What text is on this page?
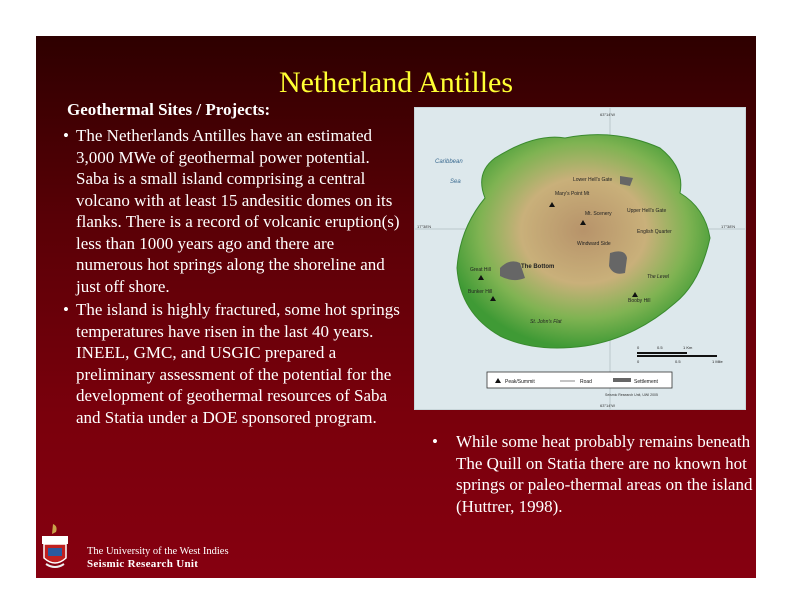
Netherland Antilles
Geothermal Sites / Projects:
• The Netherlands Antilles have an estimated 3,000 MWe of geothermal power potential. Saba is a small island comprising a central volcano with at least 15 andesitic domes on its flanks. There is a record of volcanic eruption(s) less than 1000 years ago and there are numerous hot springs along the shoreline and just off shore.
• The island is highly fractured, some hot springs temperatures have risen in the last 40 years. INEEL, GMC, and USGIC prepared a preliminary assessment of the potential for the development of geothermal resources of Saba and Statia under a DOE sponsored program.
Caribbean
Sea
63°14'W
17°38'N	17°38'N
63°14'W
Lower Hell's Gate
Mary's Point Mt
Mt. Scenery	Upper Hell's Gate
English Quarter
Windward Side
The Bottom
Great Hill
Bunker Hill
The Level
Booby Hill
St. John's Flat
0	0.5	1 Km
0	0.5	1 Mile
Peak/Summit	Road	Settlement
Seismic Research Unit, UWI 2005
• While some heat probably remains beneath The Quill on Statia there are no known hot springs or paleo-thermal areas on the island (Huttrer, 1998).
The University of the West Indies
Seismic Research Unit
